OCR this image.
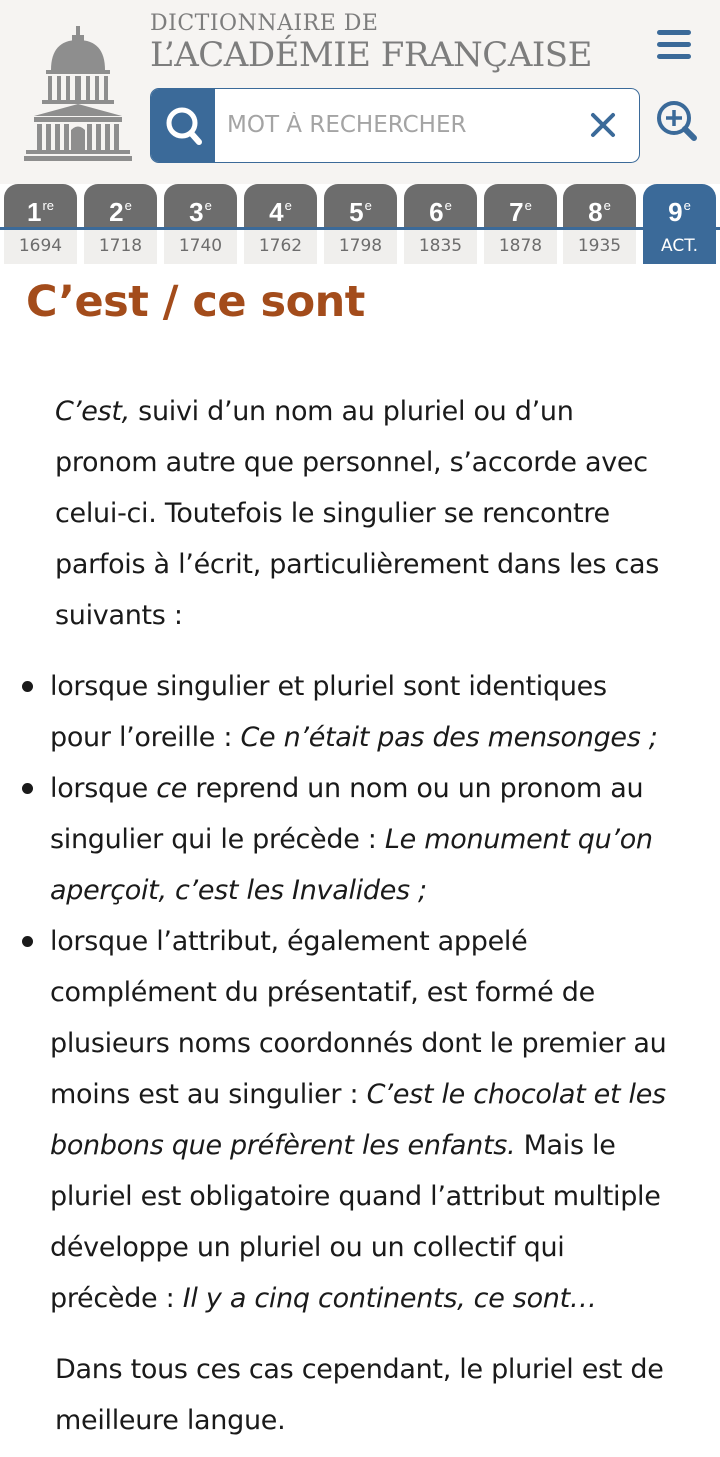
DICTIONNAIRE DE
L’ACADÉMIE FRANÇAISE
MOT À RECHERCHER
1re
1694
2e
1718
3e
1740
4e
1762
5e
1798
6e
1835
7e
1878
8e
1935
9e
ACT.
C’est / ce sont

C’est, suivi d’un nom au pluriel ou d’un pronom autre que personnel, s’accorde avec celui-ci. Toutefois le singulier se rencontre parfois à l’écrit, particulièrement dans les cas suivants :

lorsque singulier et pluriel sont identiques pour l’oreille : Ce n’était pas des mensonges ;
lorsque ce reprend un nom ou un pronom au singulier qui le précède : Le monument qu’on aperçoit, c’est les Invalides ;
lorsque l’attribut, également appelé complément du présentatif, est formé de plusieurs noms coordonnés dont le premier au moins est au singulier : C’est le chocolat et les bonbons que préfèrent les enfants. Mais le pluriel est obligatoire quand l’attribut multiple développe un pluriel ou un collectif qui précède : Il y a cinq continents, ce sont…

Dans tous ces cas cependant, le pluriel est de meilleure langue.
